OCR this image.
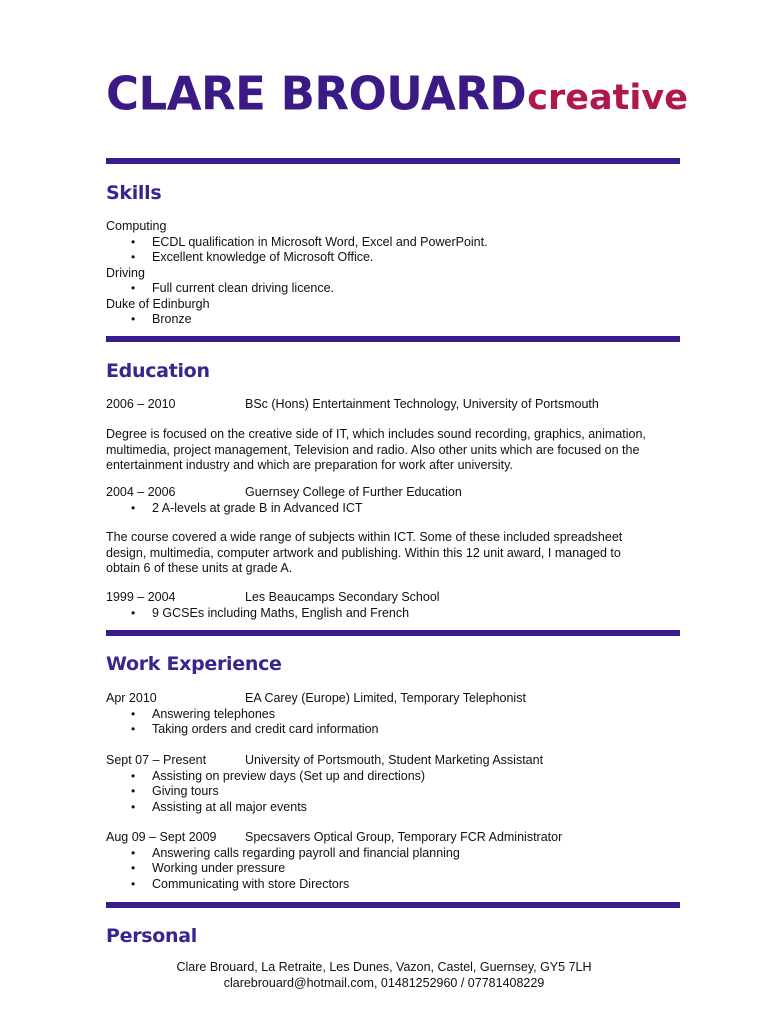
CLARE BROUARDcreative
Skills
Computing
• ECDL qualification in Microsoft Word, Excel and PowerPoint.
• Excellent knowledge of Microsoft Office.
Driving
• Full current clean driving licence.
Duke of Edinburgh
• Bronze
Education
2006 – 2010	BSc (Hons) Entertainment Technology, University of Portsmouth
Degree is focused on the creative side of IT, which includes sound recording, graphics, animation, multimedia, project management, Television and radio. Also other units which are focused on the entertainment industry and which are preparation for work after university.
2004 – 2006	Guernsey College of Further Education
• 2 A-levels at grade B in Advanced ICT
The course covered a wide range of subjects within ICT. Some of these included spreadsheet design, multimedia, computer artwork and publishing. Within this 12 unit award, I managed to obtain 6 of these units at grade A.
1999 – 2004	Les Beaucamps Secondary School
• 9 GCSEs including Maths, English and French
Work Experience
Apr 2010	EA Carey (Europe) Limited, Temporary Telephonist
• Answering telephones
• Taking orders and credit card information
Sept 07 – Present	University of Portsmouth, Student Marketing Assistant
• Assisting on preview days (Set up and directions)
• Giving tours
• Assisting at all major events
Aug 09 – Sept 2009 Specsavers Optical Group, Temporary FCR Administrator
• Answering calls regarding payroll and financial planning
• Working under pressure
• Communicating with store Directors
Personal
Clare Brouard, La Retraite, Les Dunes, Vazon, Castel, Guernsey, GY5 7LH
clarebrouard@hotmail.com, 01481252960 / 07781408229
